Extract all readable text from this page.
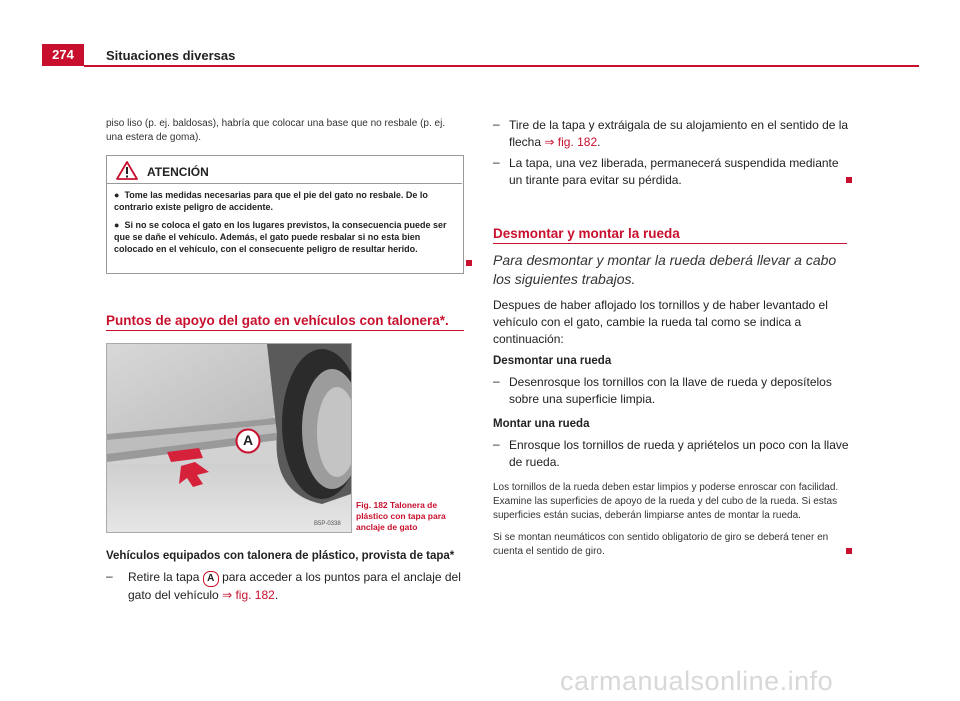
274	Situaciones diversas
piso liso (p. ej. baldosas), habría que colocar una base que no resbale (p. ej. una estera de goma).
ATENCIÓN
●  Tome las medidas necesarias para que el pie del gato no resbale. De lo contrario existe peligro de accidente.
●  Si no se coloca el gato en los lugares previstos, la consecuencia puede ser que se dañe el vehículo. Además, el gato puede resbalar si no esta bien colocado en el vehículo, con el consecuente peligro de resultar herido.
Puntos de apoyo del gato en vehículos con talonera*.
A
B5P-0338
Fig. 182 Talonera de plástico con tapa para anclaje de gato
Vehículos equipados con talonera de plástico, provista de tapa*
– Retire la tapa A para acceder a los puntos para el anclaje del
gato del vehículo ⇒ fig. 182.
– Tire de la tapa y extráigala de su alojamiento en el sentido de la
flecha ⇒ fig. 182.
– La tapa, una vez liberada, permanecerá suspendida mediante
un tirante para evitar su pérdida.
Desmontar y montar la rueda
Para desmontar y montar la rueda deberá llevar a cabo los siguientes trabajos.
Despues de haber aflojado los tornillos y de haber levantado el vehículo con el gato, cambie la rueda tal como se indica a continuación:
Desmontar una rueda
– Desenrosque los tornillos con la llave de rueda y deposítelos sobre una superficie limpia.
Montar una rueda
– Enrosque los tornillos de rueda y apriételos un poco con la llave de rueda.
Los tornillos de la rueda deben estar limpios y poderse enroscar con facilidad. Examine las superficies de apoyo de la rueda y del cubo de la rueda. Si estas superficies están sucias, deberán limpiarse antes de montar la rueda.
Si se montan neumáticos con sentido obligatorio de giro se deberá tener en cuenta el sentido de giro.
carmanualsonline.info
